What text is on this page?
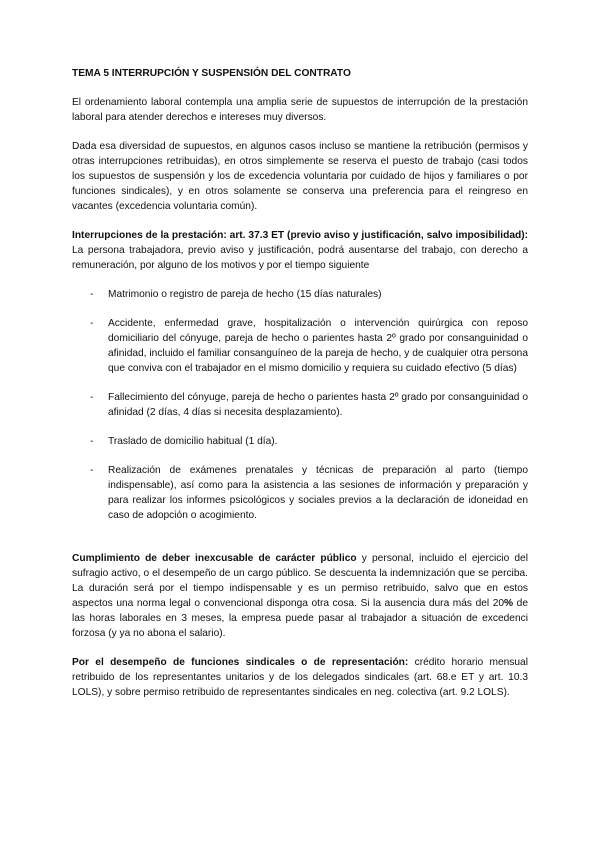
TEMA 5 INTERRUPCIÓN Y SUSPENSIÓN DEL CONTRATO

El ordenamiento laboral contempla una amplia serie de supuestos de interrupción de la prestación laboral para atender derechos e intereses muy diversos.

Dada esa diversidad de supuestos, en algunos casos incluso se mantiene la retribución (permisos y otras interrupciones retribuidas), en otros simplemente se reserva el puesto de trabajo (casi todos los supuestos de suspensión y los de excedencia voluntaria por cuidado de hijos y familiares o por funciones sindicales), y en otros solamente se conserva una preferencia para el reingreso en vacantes (excedencia voluntaria común).

Interrupciones de la prestación: art. 37.3 ET (previo aviso y justificación, salvo imposibilidad): La persona trabajadora, previo aviso y justificación, podrá ausentarse del trabajo, con derecho a remuneración, por alguno de los motivos y por el tiempo siguiente

- Matrimonio o registro de pareja de hecho (15 días naturales)
- Accidente, enfermedad grave, hospitalización o intervención quirúrgica con reposo domiciliario del cónyuge, pareja de hecho o parientes hasta 2º grado por consanguinidad o afinidad, incluido el familiar consanguíneo de la pareja de hecho, y de cualquier otra persona que conviva con el trabajador en el mismo domicilio y requiera su cuidado efectivo (5 días)
- Fallecimiento del cónyuge, pareja de hecho o parientes hasta 2º grado por consanguinidad o afinidad (2 días, 4 días si necesita desplazamiento).
- Traslado de domicilio habitual (1 día).
- Realización de exámenes prenatales y técnicas de preparación al parto (tiempo indispensable), así como para la asistencia a las sesiones de información y preparación y para realizar los informes psicológicos y sociales previos a la declaración de idoneidad en caso de adopción o acogimiento.

Cumplimiento de deber inexcusable de carácter público y personal, incluido el ejercicio del sufragio activo, o el desempeño de un cargo público. Se descuenta la indemnización que se perciba. La duración será por el tiempo indispensable y es un permiso retribuido, salvo que en estos aspectos una norma legal o convencional disponga otra cosa. Si la ausencia dura más del 20% de las horas laborales en 3 meses, la empresa puede pasar al trabajador a situación de excedenci forzosa (y ya no abona el salario).

Por el desempeño de funciones sindicales o de representación: crédito horario mensual retribuido de los representantes unitarios y de los delegados sindicales (art. 68.e ET y art. 10.3 LOLS), y sobre permiso retribuido de representantes sindicales en neg. colectiva (art. 9.2 LOLS).
